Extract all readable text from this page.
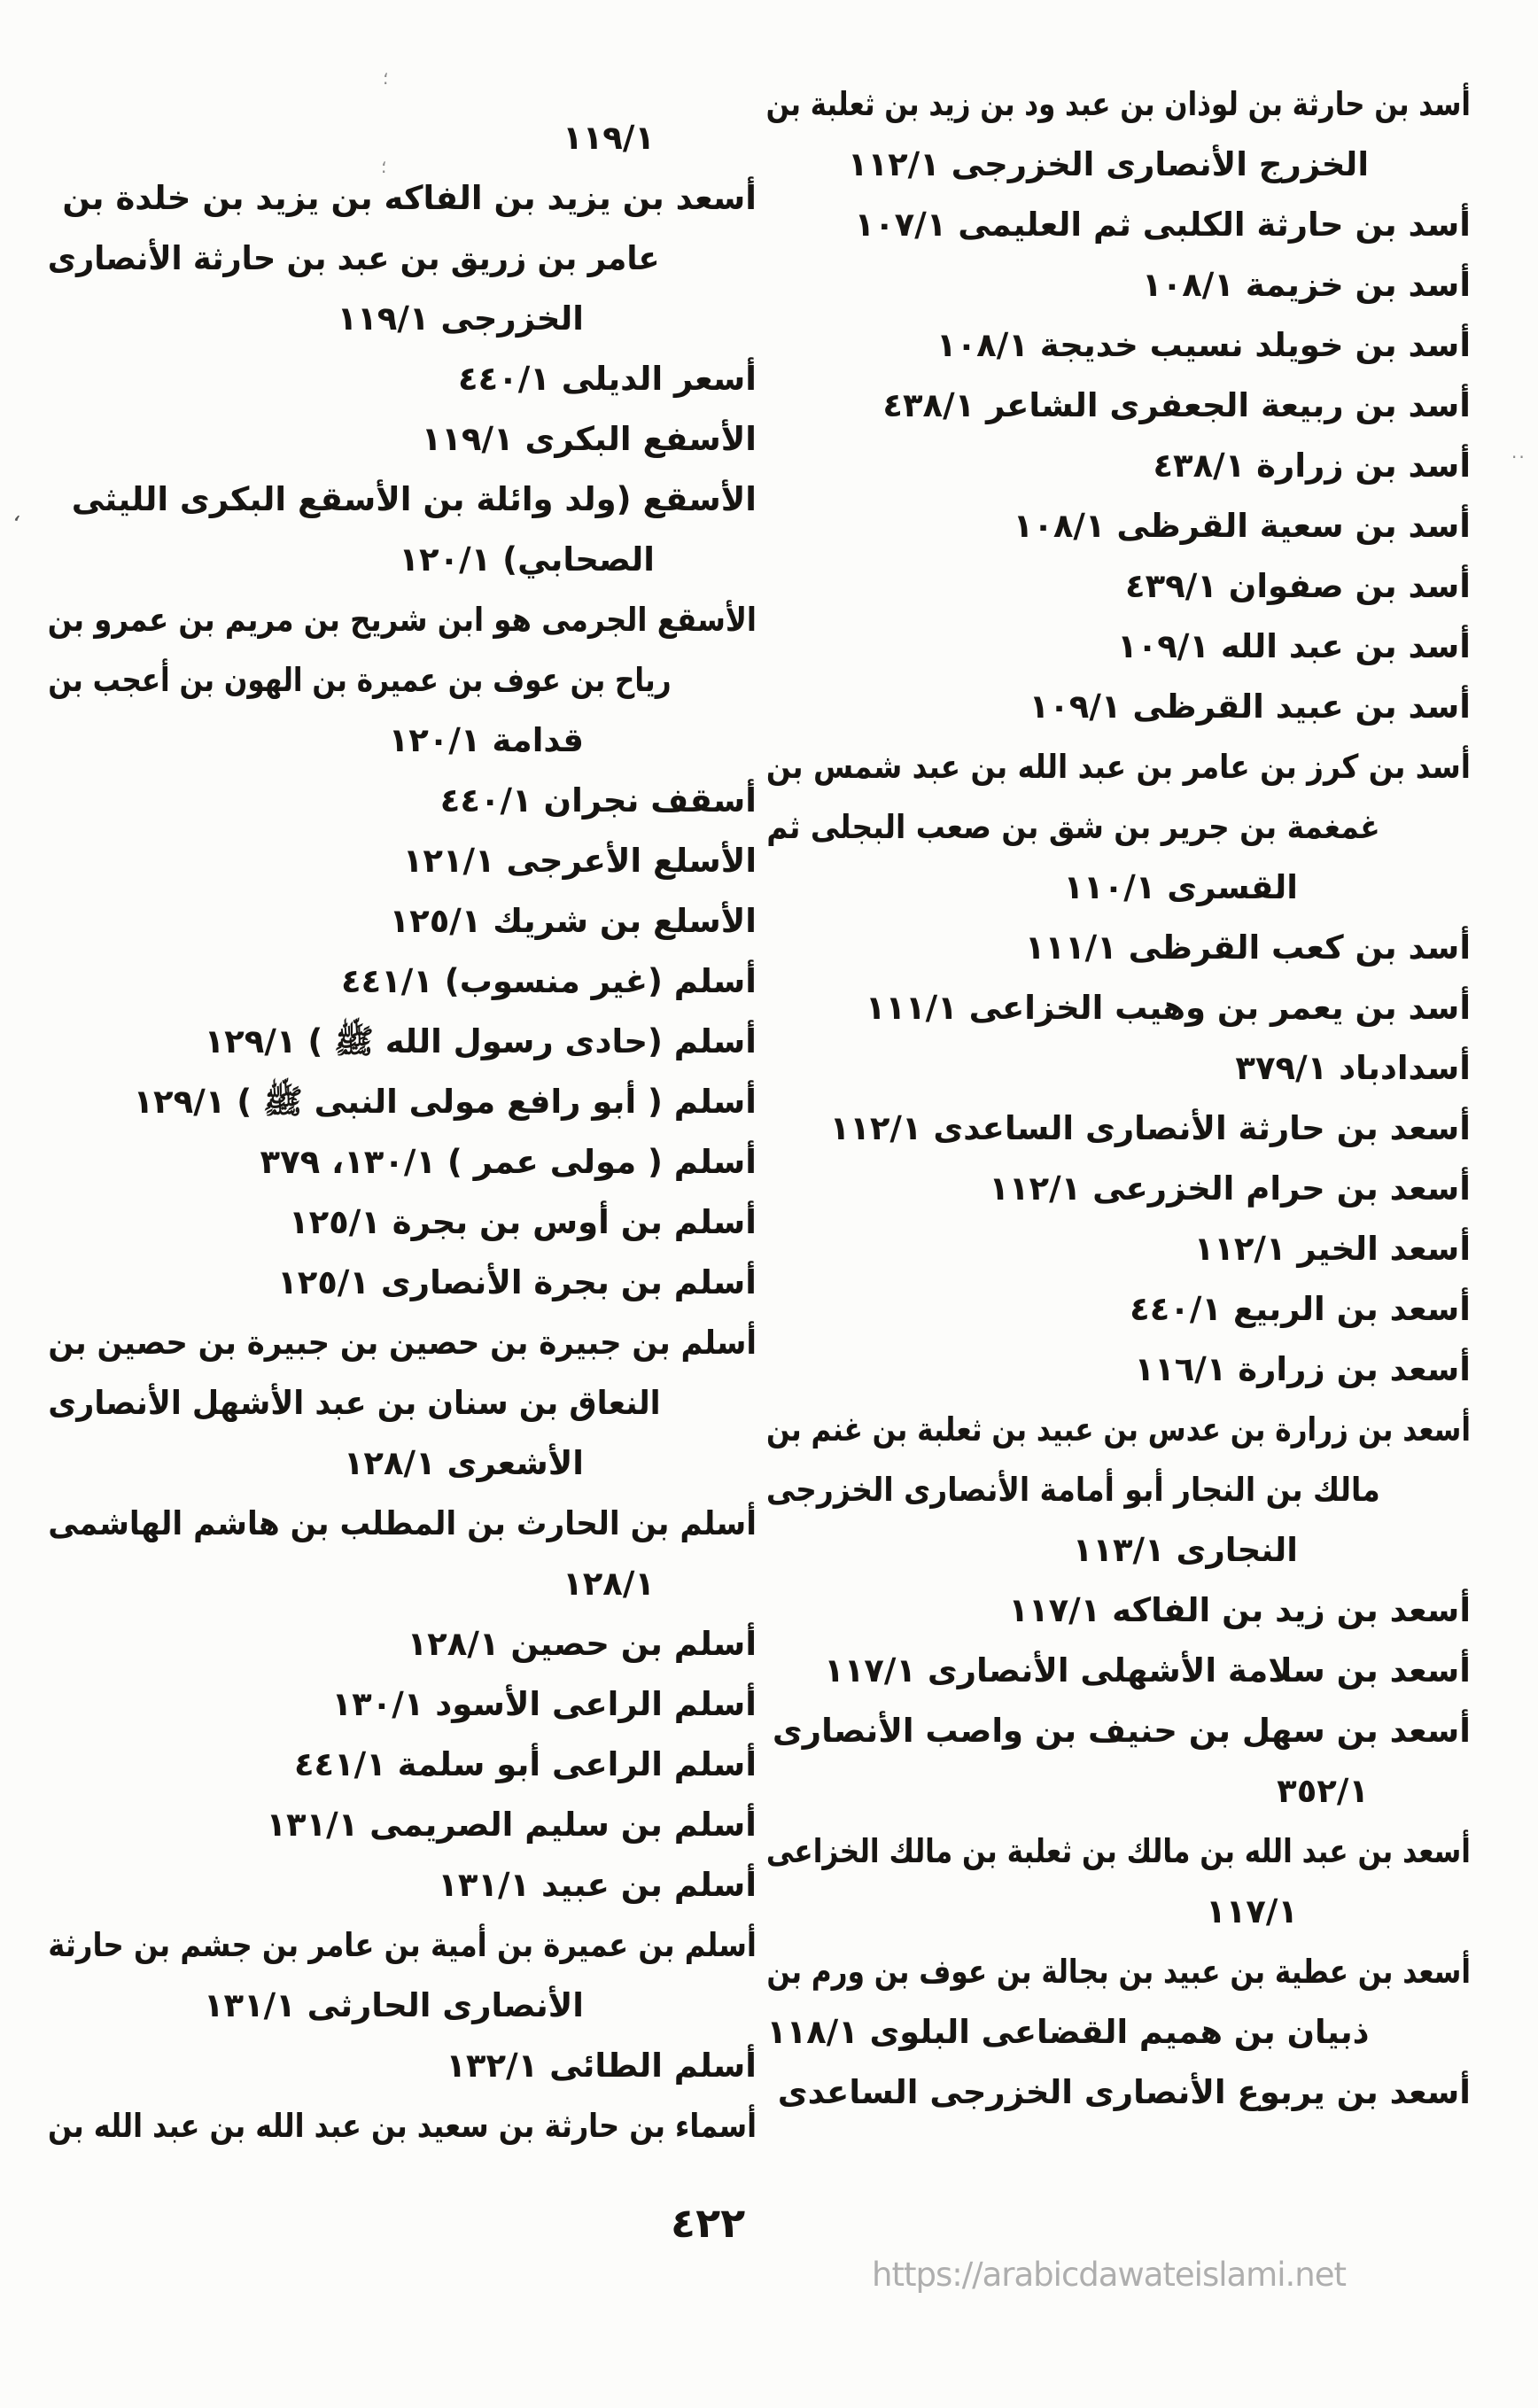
أسد بن حارثة بن لوذان بن عبد ود بن زيد بن ثعلبة بن
الخزرج الأنصارى الخزرجى ١١٢/١
أسد بن حارثة الكلبى ثم العليمى ١٠٧/١
أسد بن خزيمة ١٠٨/١
أسد بن خويلد نسيب خديجة ١٠٨/١
أسد بن ربيعة الجعفرى الشاعر ٤٣٨/١
أسد بن زرارة ٤٣٨/١
أسد بن سعية القرظى ١٠٨/١
أسد بن صفوان ٤٣٩/١
أسد بن عبد الله ١٠٩/١
أسد بن عبيد القرظى ١٠٩/١
أسد بن كرز بن عامر بن عبد الله بن عبد شمس بن
غمغمة بن جرير بن شق بن صعب البجلى ثم
القسرى ١١٠/١
أسد بن كعب القرظى ١١١/١
أسد بن يعمر بن وهيب الخزاعى ١١١/١
أسدادباد ٣٧٩/١
أسعد بن حارثة الأنصارى الساعدى ١١٢/١
أسعد بن حرام الخزرعى ١١٢/١
أسعد الخير ١١٢/١
أسعد بن الربيع ٤٤٠/١
أسعد بن زرارة ١١٦/١
أسعد بن زرارة بن عدس بن عبيد بن ثعلبة بن غنم بن
مالك بن النجار أبو أمامة الأنصارى الخزرجى
النجارى ١١٣/١
أسعد بن زيد بن الفاكه ١١٧/١
أسعد بن سلامة الأشهلى الأنصارى ١١٧/١
أسعد بن سهل بن حنيف بن واصب الأنصارى
٣٥٢/١
أسعد بن عبد الله بن مالك بن ثعلبة بن مالك الخزاعى
١١٧/١
أسعد بن عطية بن عبيد بن بجالة بن عوف بن ورم بن
ذبيان بن هميم القضاعى البلوى ١١٨/١
أسعد بن يربوع الأنصارى الخزرجى الساعدى
١١٩/١
أسعد بن يزيد بن الفاكه بن يزيد بن خلدة بن
عامر بن زريق بن عبد بن حارثة الأنصارى
الخزرجى ١١٩/١
أسعر الديلى ٤٤٠/١
الأسفع البكرى ١١٩/١
الأسقع (ولد وائلة بن الأسقع البكرى الليثى
الصحابي) ١٢٠/١
الأسقع الجرمى هو ابن شريح بن مريم بن عمرو بن
رياح بن عوف بن عميرة بن الهون بن أعجب بن
قدامة ١٢٠/١
أسقف نجران ٤٤٠/١
الأسلع الأعرجى ١٢١/١
الأسلع بن شريك ١٢٥/١
أسلم (غير منسوب) ٤٤١/١
أسلم (حادى رسول الله ﷺ ) ١٢٩/١
أسلم ( أبو رافع مولى النبى ﷺ ) ١٢٩/١
أسلم ( مولى عمر ) ١٣٠/١، ٣٧٩
أسلم بن أوس بن بجرة ١٢٥/١
أسلم بن بجرة الأنصارى ١٢٥/١
أسلم بن جبيرة بن حصين بن جبيرة بن حصين بن
النعاق بن سنان بن عبد الأشهل الأنصارى
الأشعرى ١٢٨/١
أسلم بن الحارث بن المطلب بن هاشم الهاشمى
١٢٨/١
أسلم بن حصين ١٢٨/١
أسلم الراعى الأسود ١٣٠/١
أسلم الراعى أبو سلمة ٤٤١/١
أسلم بن سليم الصريمى ١٣١/١
أسلم بن عبيد ١٣١/١
أسلم بن عميرة بن أمية بن عامر بن جشم بن حارثة
الأنصارى الحارثى ١٣١/١
أسلم الطائى ١٣٢/١
أسماء بن حارثة بن سعيد بن عبد الله بن عبد الله بن
٤٢٢
https://arabicdawateislami.net
،
؛
؛
..
